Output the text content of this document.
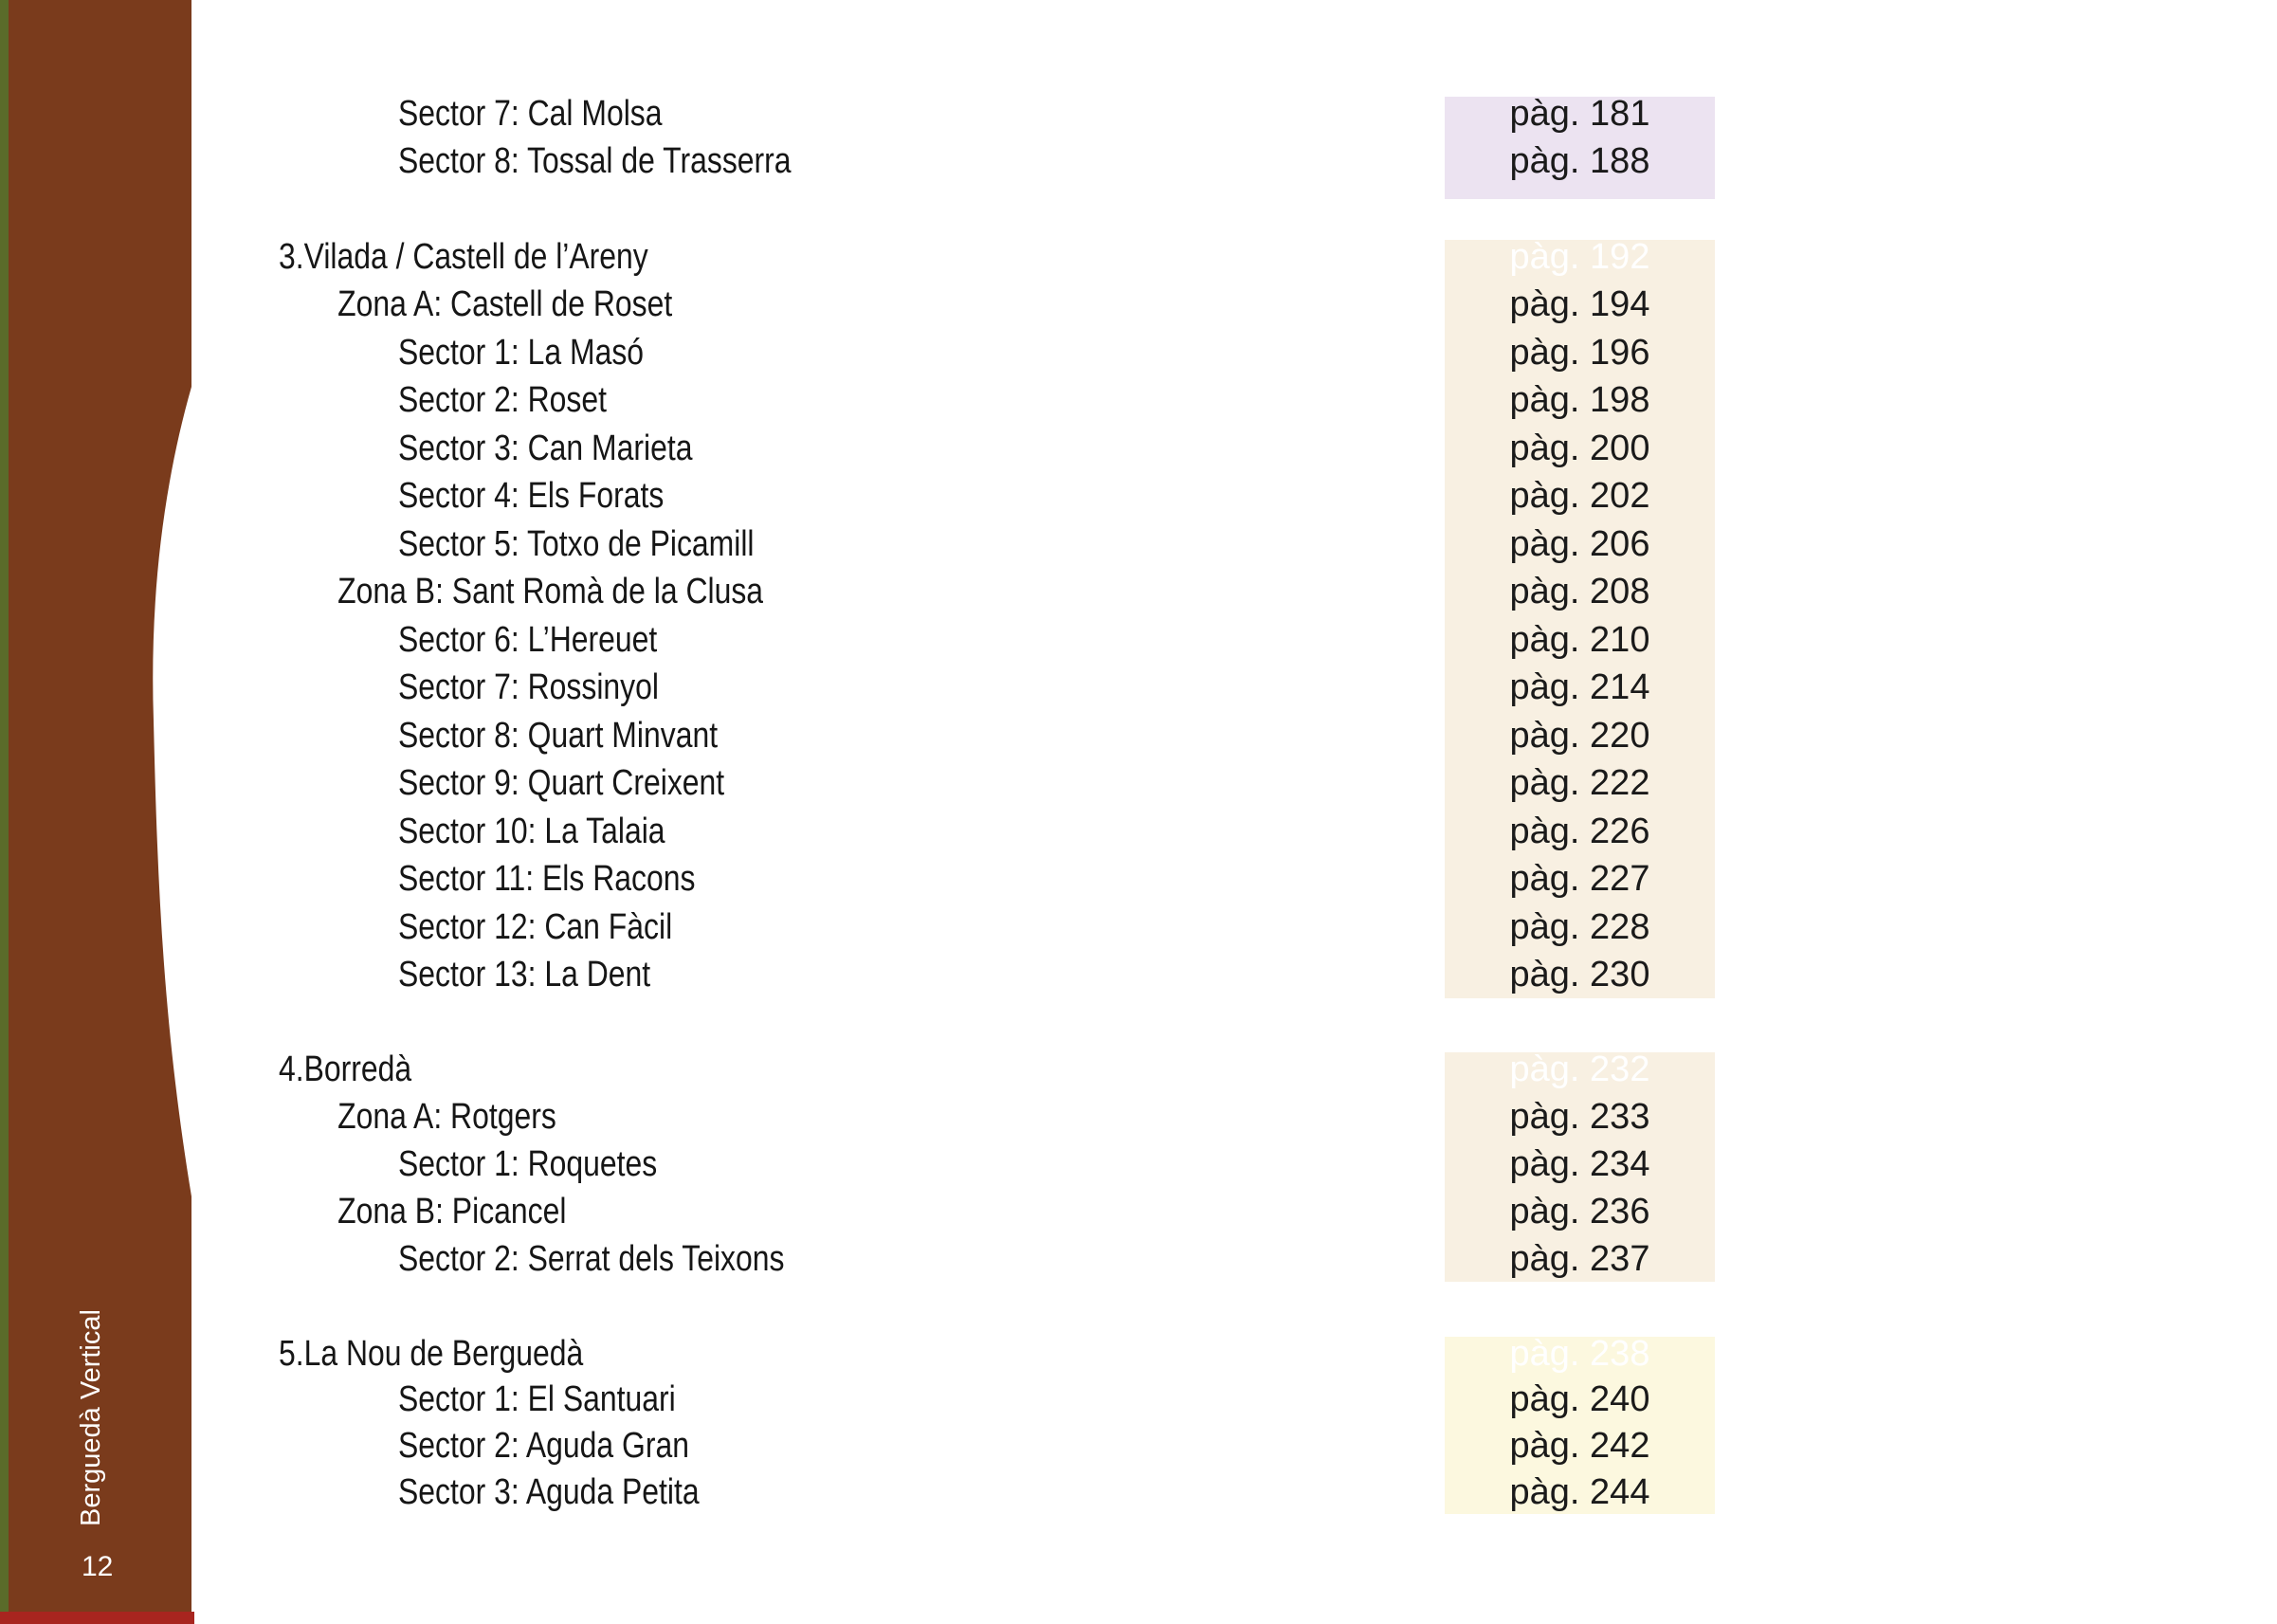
Berguedà Vertical
12
Sector 7: Cal Molsa
Sector 8: Tossal de Trasserra
3.Vilada / Castell de l’Areny
Zona A: Castell de Roset
Sector 1: La Masó
Sector 2: Roset
Sector 3: Can Marieta
Sector 4: Els Forats
Sector 5: Totxo de Picamill
Zona B: Sant Romà de la Clusa
Sector 6: L’Hereuet
Sector 7: Rossinyol
Sector 8: Quart Minvant
Sector 9: Quart Creixent
Sector 10: La Talaia
Sector 11: Els Racons
Sector 12: Can Fàcil
Sector 13: La Dent
4.Borredà
Zona A: Rotgers
Sector 1: Roquetes
Zona B: Picancel
Sector 2: Serrat dels Teixons
5.La Nou de Berguedà
Sector 1: El Santuari
Sector 2: Aguda Gran
Sector 3: Aguda Petita
pàg. 181
pàg. 188
pàg. 192
pàg. 194
pàg. 196
pàg. 198
pàg. 200
pàg. 202
pàg. 206
pàg. 208
pàg. 210
pàg. 214
pàg. 220
pàg. 222
pàg. 226
pàg. 227
pàg. 228
pàg. 230
pàg. 232
pàg. 233
pàg. 234
pàg. 236
pàg. 237
pàg. 238
pàg. 240
pàg. 242
pàg. 244
